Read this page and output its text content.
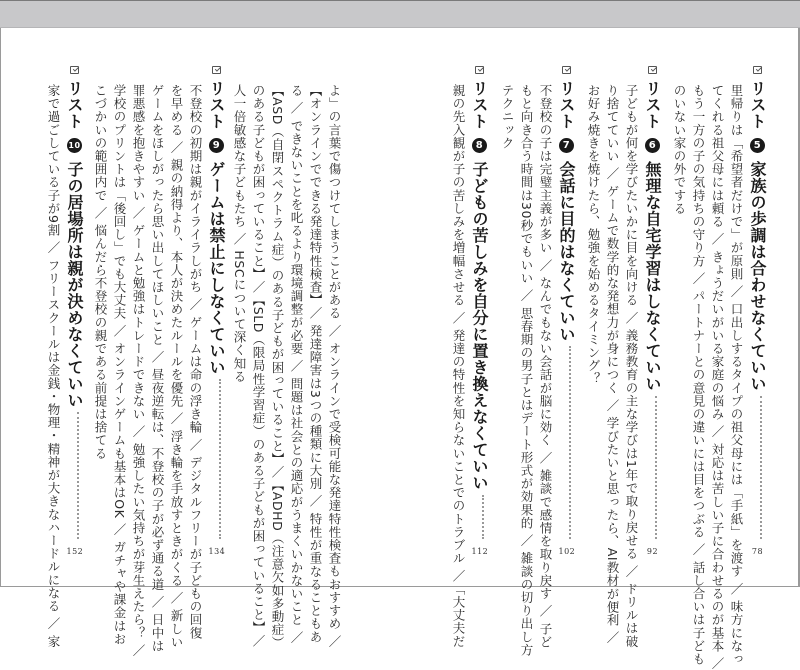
リスト
5
家族の歩調は合わせなくていい
78
里帰りは「希望者だけで」が原則 ／ 口出しするタイプの祖父母には「手紙」を渡す ／ 味方になっ
てくれる祖父母には頼る ／ きょうだいがいる家庭の悩み ／ 対応は苦しい子に合わせるのが基本 ／
もう一方の子の気持ちの守り方 ／ パートナーとの意見の違いには目をつぶる ／ 話し合いは子ども
のいない家の外でする
リスト
6
無理な自宅学習はしなくていい
92
子どもが何を学びたいかに目を向ける ／ 義務教育の主な学びは1年で取り戻せる ／ ドリルは破
り捨てていい ／ ゲームで数学的な発想力が身につく ／ 学びたいと思ったら、AI教材が便利 ／
お好み焼きを焼けたら、勉強を始めるタイミング？
リスト
7
会話に目的はなくていい
102
不登校の子は完璧主義が多い ／ なんでもない会話が脳に効く ／ 雑談で感情を取り戻す ／ 子ど
もと向き合う時間は30秒でもいい ／ 思春期の男子とはデート形式が効果的 ／ 雑談の切り出し方
テクニック
リスト
8
子どもの苦しみを自分に置き換えなくていい
112
親の先入観が子の苦しみを増幅させる ／ 発達の特性を知らないことでのトラブル ／「大丈夫だ
リスト
9
ゲームは禁止にしなくていい
134	よ」の言葉で傷つけてしまうことがある ／ オンラインで受検可能な発達特性検査もおすすめ ／
【オンラインでできる発達特性検査】／ 発達障害は3つの種類に大別 ／ 特性が重なることもあ
る ／ できないことを叱るより環境調整が必要 ／ 問題は社会との適応がうまくいかないこと ／
【ASD（自閉スペクトラム症）のある子どもが困っていること】／【ADHD（注意欠如多動症）
のある子どもが困っていること】／【SLD（限局性学習症）のある子どもが困っていること】／
人一倍敏感な子どもたち ／ HSCについて深く知る
不登校の初期は親がイライラしがち ／ ゲームは命の浮き輪 ／ デジタルフリーが子どもの回復
を早める ／ 親の納得より、本人が決めたルールを優先 ／ 浮き輪を手放すときがくる ／ 新しい
ゲームをほしがったら思い出してほしいこと ／ 昼夜逆転は、不登校の子が必ず通る道 ／ 日中は
罪悪感を抱きやすい ／ ゲームと勉強はトレードできない ／ 勉強したい気持ちが芽生えたら？ ／
学校のプリントは「後回し」でも大丈夫 ／ オンラインゲームも基本はOK ／ ガチャや課金はお
こづかいの範囲内で ／ 悩んだら不登校の親である前提は捨てる
リスト
10
子の居場所は親が決めなくていい
152
家で過ごしている子が9割 ／ フリースクールは金銭・物理・精神が大きなハードルになる ／ 家
